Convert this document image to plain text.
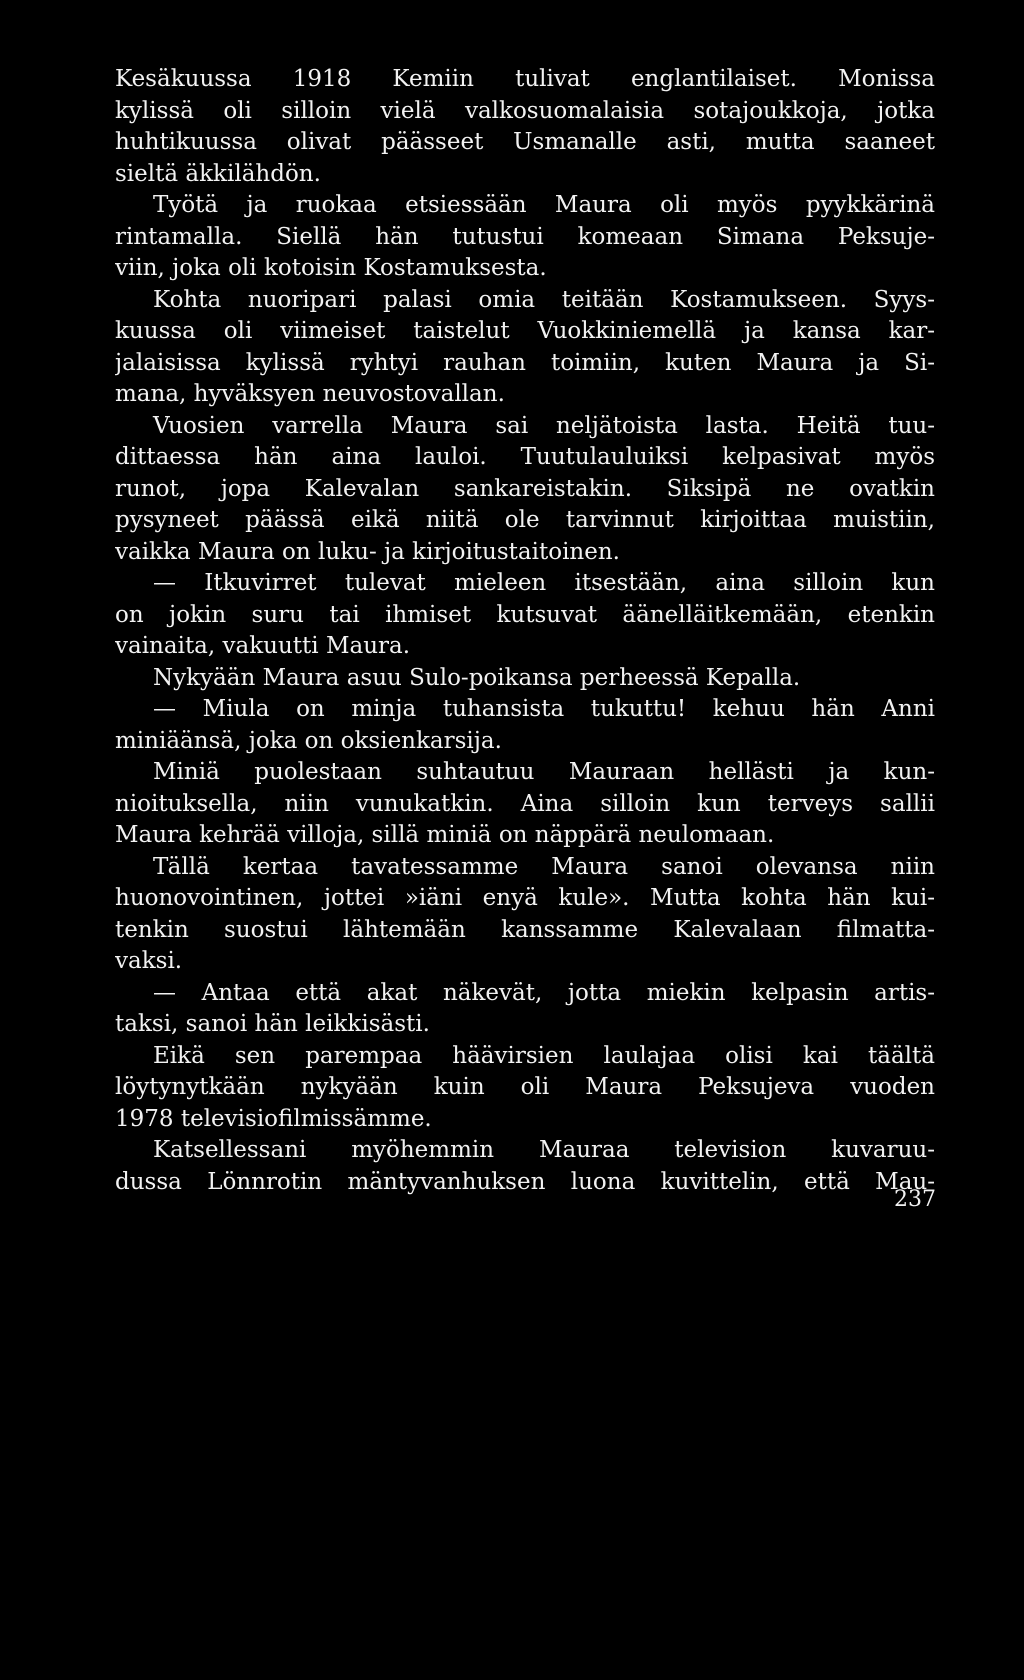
Kesäkuussa 1918 Kemiin tulivat englantilaiset. Monissa
kylissä oli silloin vielä valkosuomalaisia sotajoukkoja, jotka
huhtikuussa olivat päässeet Usmanalle asti, mutta saaneet
sieltä äkkilähdön.
Työtä ja ruokaa etsiessään Maura oli myös pyykkärinä
rintamalla. Siellä hän tutustui komeaan Simana Peksuje-
viin, joka oli kotoisin Kostamuksesta.
Kohta nuoripari palasi omia teitään Kostamukseen. Syys-
kuussa oli viimeiset taistelut Vuokkiniemellä ja kansa kar-
jalaisissa kylissä ryhtyi rauhan toimiin, kuten Maura ja Si-
mana, hyväksyen neuvostovallan.
Vuosien varrella Maura sai neljätoista lasta. Heitä tuu-
dittaessa hän aina lauloi. Tuutulauluiksi kelpasivat myös
runot, jopa Kalevalan sankareistakin. Siksipä ne ovatkin
pysyneet päässä eikä niitä ole tarvinnut kirjoittaa muistiin,
vaikka Maura on luku- ja kirjoitustaitoinen.
— Itkuvirret tulevat mieleen itsestään, aina silloin kun
on jokin suru tai ihmiset kutsuvat äänelläitkemään, etenkin
vainaita, vakuutti Maura.
Nykyään Maura asuu Sulo-poikansa perheessä Kepalla.
— Miula on minja tuhansista tukuttu! kehuu hän Anni
miniäänsä, joka on oksienkarsija.
Miniä puolestaan suhtautuu Mauraan hellästi ja kun-
nioituksella, niin vunukatkin. Aina silloin kun terveys sallii
Maura kehrää villoja, sillä miniä on näppärä neulomaan.
Tällä kertaa tavatessamme Maura sanoi olevansa niin
huonovointinen, jottei »iäni enyä kule». Mutta kohta hän kui-
tenkin suostui lähtemään kanssamme Kalevalaan filmatta-
vaksi.
— Antaa että akat näkevät, jotta miekin kelpasin artis-
taksi, sanoi hän leikkisästi.
Eikä sen parempaa häävirsien laulajaa olisi kai täältä
löytynytkään nykyään kuin oli Maura Peksujeva vuoden
1978 televisiofilmissämme.
Katsellessani myöhemmin Mauraa television kuvaruu-
dussa Lönnrotin mäntyvanhuksen luona kuvittelin, että Mau-
237
